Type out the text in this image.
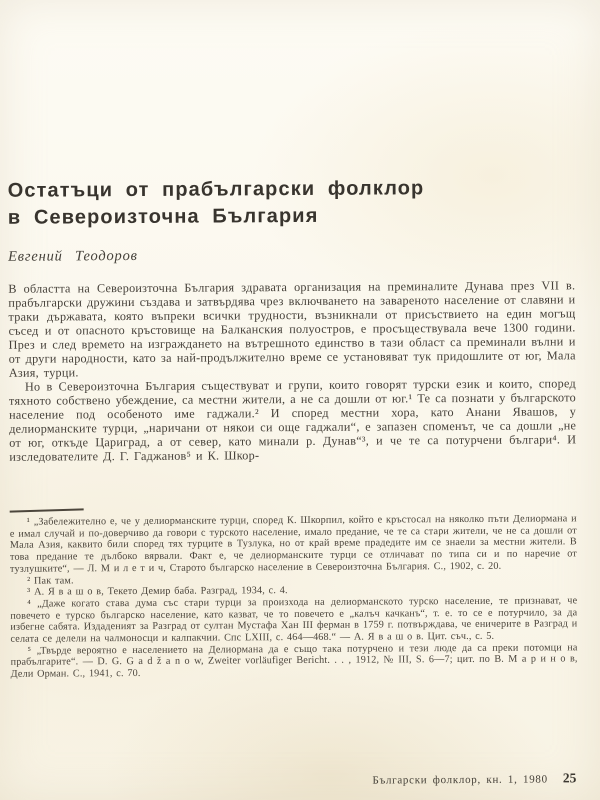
Остатъци от прабългарски фолклор
в Североизточна България
Евгений Теодоров

В областта на Североизточна България здравата организация на преминалите Дунава през VII в. прабългарски дружини създава и затвърдява чрез включването на завареното население от славяни и траки държавата, която въпреки всички трудности, възникнали от присъствието на един могъщ съсед и от опасното кръстовище на Балканския полуостров, е просъществувала вече 1300 години. През и след времето на изграждането на вътрешното единство в тази област са преминали вълни и от други народности, като за най-продължително време се установяват тук придошлите от юг, Мала Азия, турци.

Но в Североизточна България съществуват и групи, които говорят турски език и които, според тяхното собствено убеждение, са местни жители, а не са дошли от юг.¹ Те са познати у българското население под особеното име гаджали.² И според местни хора, като Анани Явашов, у делиорманските турци, „наричани от някои си още гаджали“, е запазен споменът, че са дошли „не от юг, откъде Цариград, а от север, като минали р. Дунав“³, и че те са потурчени българи⁴. И изследователите Д. Г. Гаджанов⁵ и К. Шкор-

¹ „Забележително е, че у делиорманските турци, според К. Шкорпил, който е кръстосал на няколко пъти Делиормана и е имал случай и по-доверчиво да говори с турското население, имало предание, че те са стари жители, че не са дошли от Мала Азия, каквито били според тях турците в Тузлука, но от край време прадедите им се знаели за местни жители. В това предание те дълбоко вярвали. Факт е, че делиорманските турци се отличават по типа си и по наречие от тузлушките“, — Л. М и л е т и ч, Старото българско население в Североизточна България. С., 1902, с. 20.

² Пак там.

³ А. Я в а ш о в, Текето Демир баба. Разград, 1934, с. 4.

⁴ „Даже когато става дума със стари турци за произхода на делиорманското турско население, те признават, че повечето е турско българско население, като казват, че то повечето е „калъч качканъ“, т. е. то се е потурчило, за да избегне сабята. Издаденият за Разград от султан Мустафа Хан III ферман в 1759 г. потвърждава, че еничерите в Разград и селата се делели на чалмоносци и калпакчии. Спс LXIII, с. 464—468.“ — А. Я в а ш о в. Цит. съч., с. 5.

⁵ „Твърде вероятно е населението на Делиормана да е също така потурчено и тези люде да са преки потомци на прабългарите“. — D. G. G a d ž a n o w, Zweiter vorläufiger Bericht. . . , 1912, № III, S. 6—7; цит. по В. М а р и н о в, Дели Орман. С., 1941, с. 70.

Български фолклор, кн. 1, 1980 25
